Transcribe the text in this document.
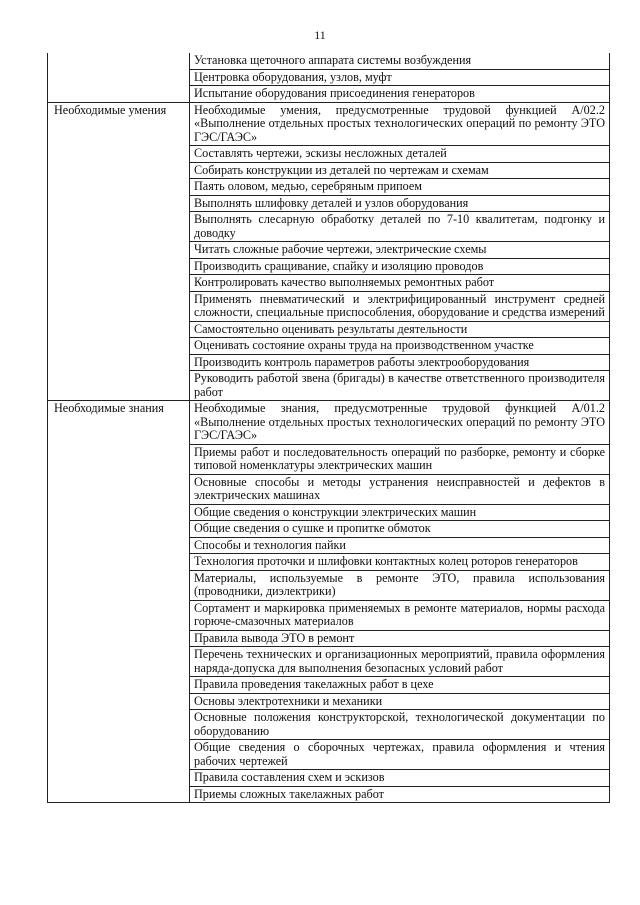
11
	Установка щеточного аппарата системы возбуждения
	Центровка оборудования, узлов, муфт
	Испытание оборудования присоединения генераторов
Необходимые умения	Необходимые умения, предусмотренные трудовой функцией A/02.2 «Выполнение отдельных простых технологических операций по ремонту ЭТО ГЭС/ГАЭС»
	Составлять чертежи, эскизы несложных деталей
	Собирать конструкции из деталей по чертежам и схемам
	Паять оловом, медью, серебряным припоем
	Выполнять шлифовку деталей и узлов оборудования
	Выполнять слесарную обработку деталей по 7-10 квалитетам, подгонку и доводку
	Читать сложные рабочие чертежи, электрические схемы
	Производить сращивание, спайку и изоляцию проводов
	Контролировать качество выполняемых ремонтных работ
	Применять пневматический и электрифицированный инструмент средней сложности, специальные приспособления, оборудование и средства измерений
	Самостоятельно оценивать результаты деятельности
	Оценивать состояние охраны труда на производственном участке
	Производить контроль параметров работы электрооборудования
	Руководить работой звена (бригады) в качестве ответственного производителя работ
Необходимые знания	Необходимые знания, предусмотренные трудовой функцией A/01.2 «Выполнение отдельных простых технологических операций по ремонту ЭТО ГЭС/ГАЭС»
	Приемы работ и последовательность операций по разборке, ремонту и сборке типовой номенклатуры электрических машин
	Основные способы и методы устранения неисправностей и дефектов в электрических машинах
	Общие сведения о конструкции электрических машин
	Общие сведения о сушке и пропитке обмоток
	Способы и технология пайки
	Технология проточки и шлифовки контактных колец роторов генераторов
	Материалы, используемые в ремонте ЭТО, правила использования (проводники, диэлектрики)
	Сортамент и маркировка применяемых в ремонте материалов, нормы расхода горюче-смазочных материалов
	Правила вывода ЭТО в ремонт
	Перечень технических и организационных мероприятий, правила оформления наряда-допуска для выполнения безопасных условий работ
	Правила проведения такелажных работ в цехе
	Основы электротехники и механики
	Основные положения конструкторской, технологической документации по оборудованию
	Общие сведения о сборочных чертежах, правила оформления и чтения рабочих чертежей
	Правила составления схем и эскизов
	Приемы сложных такелажных работ
